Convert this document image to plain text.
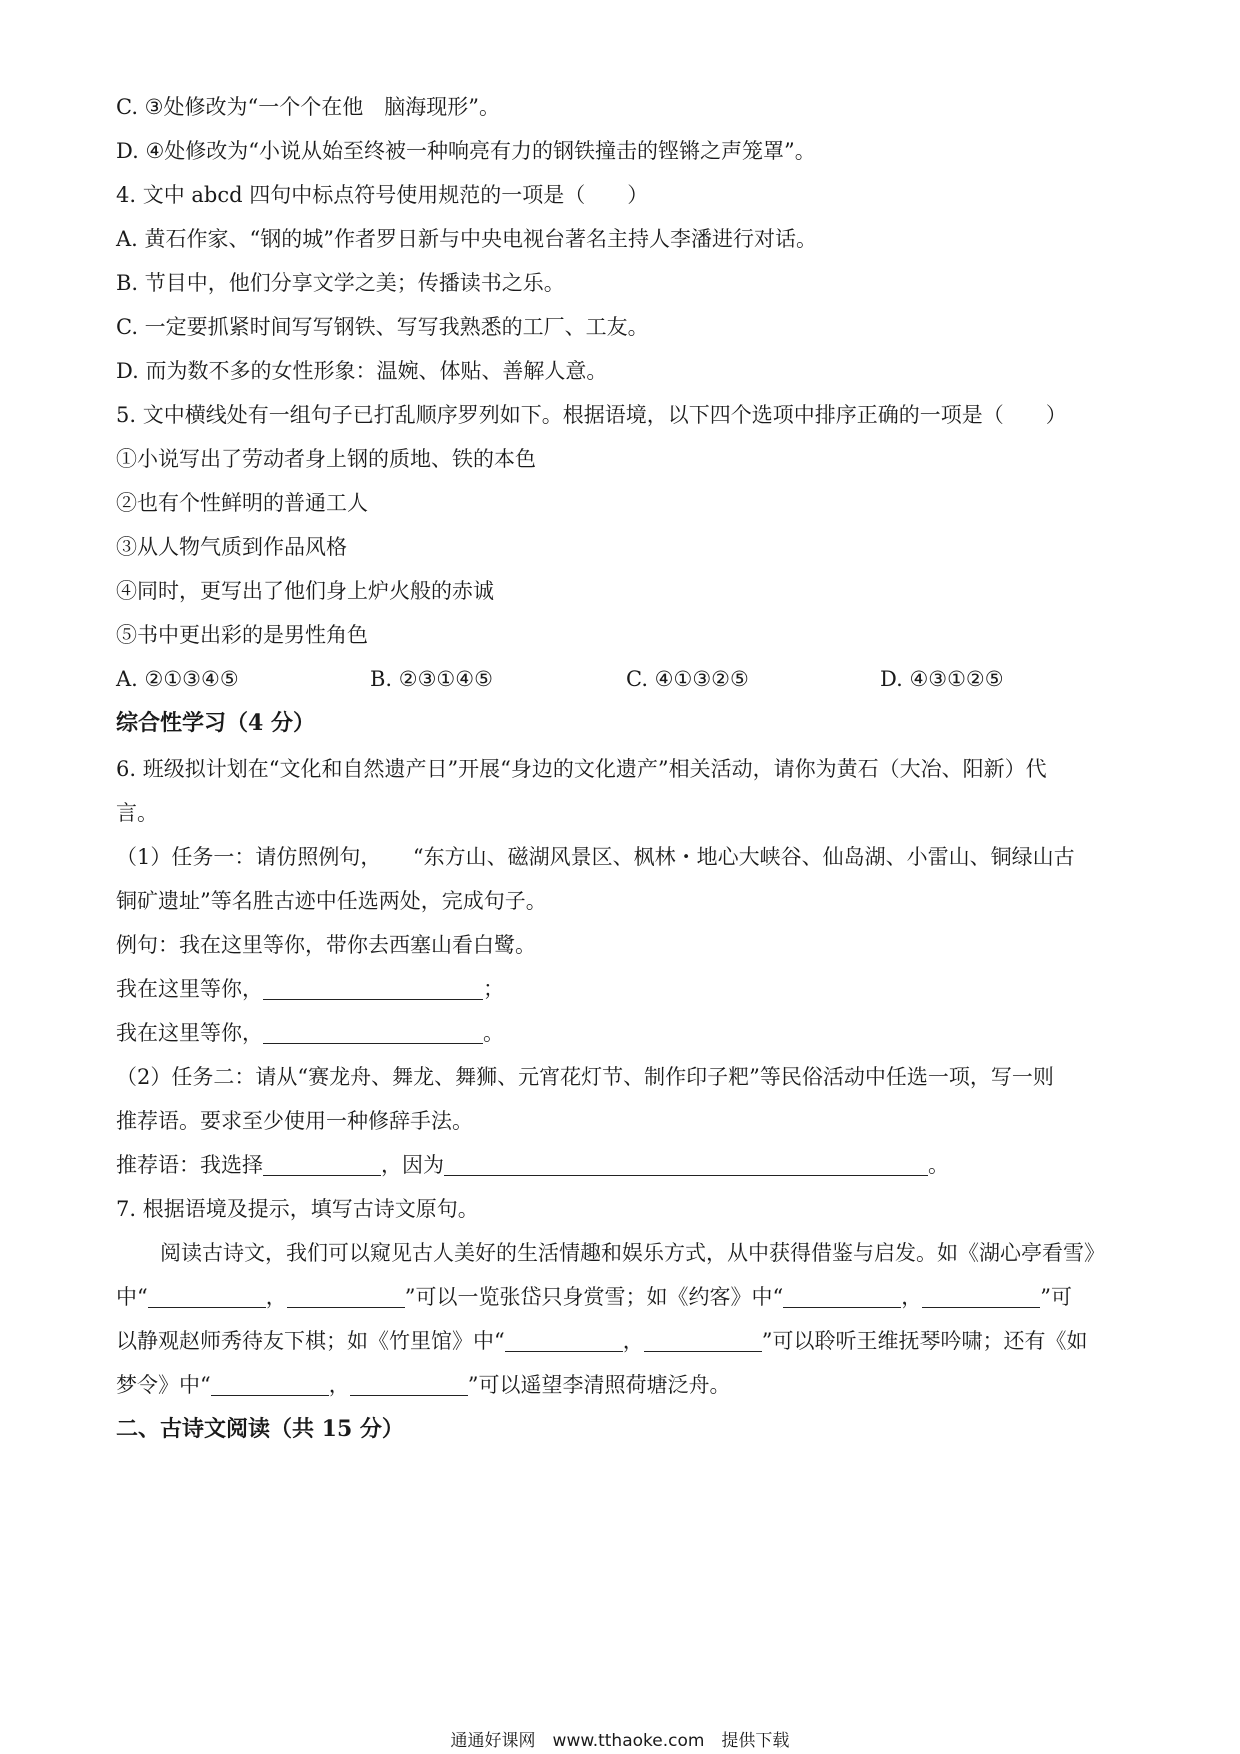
C. ③处修改为“一个个在他　脑海现形”。
D. ④处修改为“小说从始至终被一种响亮有力的钢铁撞击的铿锵之声笼罩”。
4. 文中 abcd 四句中标点符号使用规范的一项是（　　）
A. 黄石作家、“钢的城”作者罗日新与中央电视台著名主持人李潘进行对话。
B. 节目中，他们分享文学之美；传播读书之乐。
C. 一定要抓紧时间写写钢铁、写写我熟悉的工厂、工友。
D. 而为数不多的女性形象：温婉、体贴、善解人意。
5. 文中横线处有一组句子已打乱顺序罗列如下。根据语境，以下四个选项中排序正确的一项是（　　）
①小说写出了劳动者身上钢的质地、铁的本色
②也有个性鲜明的普通工人
③从人物气质到作品风格
④同时，更写出了他们身上炉火般的赤诚
⑤书中更出彩的是男性角色
A. ②①③④⑤	B. ②③①④⑤	C. ④①③②⑤	D. ④③①②⑤
综合性学习（4 分）
6. 班级拟计划在“文化和自然遗产日”开展“身边的文化遗产”相关活动，请你为黄石（大冶、阳新）代
言。
（1）任务一：请仿照例句，　　“东方山、磁湖风景区、枫林・地心大峡谷、仙岛湖、小雷山、铜绿山古
铜矿遗址”等名胜古迹中任选两处，完成句子。
例句：我在这里等你，带你去西塞山看白鹭。
我在这里等你，	；
我在这里等你，	。
（2）任务二：请从“赛龙舟、舞龙、舞狮、元宵花灯节、制作印子粑”等民俗活动中任选一项，写一则
推荐语。要求至少使用一种修辞手法。
推荐语：我选择	，因为	。
7. 根据语境及提示，填写古诗文原句。
阅读古诗文，我们可以窥见古人美好的生活情趣和娱乐方式，从中获得借鉴与启发。如《湖心亭看雪》
中“	，	”可以一览张岱只身赏雪；如《约客》中“	，	”可
以静观赵师秀待友下棋；如《竹里馆》中“	，	”可以聆听王维抚琴吟啸；还有《如
梦令》中“	，	”可以遥望李清照荷塘泛舟。
二、古诗文阅读（共 15 分）
通通好课网　www.tthaoke.com　提供下载
